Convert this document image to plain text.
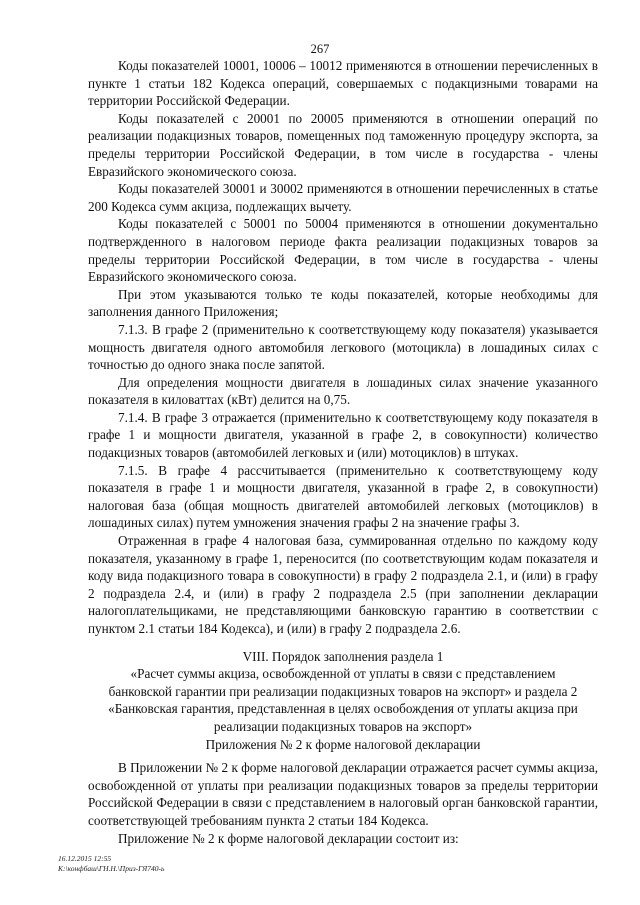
267

Коды показателей 10001, 10006 – 10012 применяются в отношении перечисленных в пункте 1 статьи 182 Кодекса операций, совершаемых с подакцизными товарами на территории Российской Федерации.

Коды показателей с 20001 по 20005 применяются в отношении операций по реализации подакцизных товаров, помещенных под таможенную процедуру экспорта, за пределы территории Российской Федерации, в том числе в государства - члены Евразийского экономического союза.

Коды показателей 30001 и 30002 применяются в отношении перечисленных в статье 200 Кодекса сумм акциза, подлежащих вычету.

Коды показателей с 50001 по 50004 применяются в отношении документально подтвержденного в налоговом периоде факта реализации подакцизных товаров за пределы территории Российской Федерации, в том числе в государства - члены Евразийского экономического союза.

При этом указываются только те коды показателей, которые необходимы для заполнения данного Приложения;

7.1.3. В графе 2 (применительно к соответствующему коду показателя) указывается мощность двигателя одного автомобиля легкового (мотоцикла) в лошадиных силах с точностью до одного знака после запятой.

Для определения мощности двигателя в лошадиных силах значение указанного показателя в киловаттах (кВт) делится на 0,75.

7.1.4. В графе 3 отражается (применительно к соответствующему коду показателя в графе 1 и мощности двигателя, указанной в графе 2, в совокупности) количество подакцизных товаров (автомобилей легковых и (или) мотоциклов) в штуках.

7.1.5. В графе 4 рассчитывается (применительно к соответствующему коду показателя в графе 1 и мощности двигателя, указанной в графе 2, в совокупности) налоговая база (общая мощность двигателей автомобилей легковых (мотоциклов) в лошадиных силах) путем умножения значения графы 2 на значение графы 3.

Отраженная в графе 4 налоговая база, суммированная отдельно по каждому коду показателя, указанному в графе 1, переносится (по соответствующим кодам показателя и коду вида подакцизного товара в совокупности) в графу 2 подраздела 2.1, и (или) в графу 2 подраздела 2.4, и (или) в графу 2 подраздела 2.5 (при заполнении декларации налогоплательщиками, не представляющими банковскую гарантию в соответствии с пунктом 2.1 статьи 184 Кодекса), и (или) в графу 2 подраздела 2.6.

VIII. Порядок заполнения раздела 1
«Расчет суммы акциза, освобожденной от уплаты в связи с представлением
банковской гарантии при реализации подакцизных товаров на экспорт» и раздела 2
«Банковская гарантия, представленная в целях освобождения от уплаты акциза при
реализации подакцизных товаров на экспорт»
Приложения № 2 к форме налоговой декларации

В Приложении № 2 к форме налоговой декларации отражается расчет суммы акциза, освобожденной от уплаты при реализации подакцизных товаров за пределы территории Российской Федерации в связи с представлением в налоговый орган банковской гарантии, соответствующей требованиям пункта 2 статьи 184 Кодекса.

Приложение № 2 к форме налоговой декларации состоит из:

16.12.2015 12:55
К:\конфбаш\ГН.Н.\Приз-ГЯ740-ь
